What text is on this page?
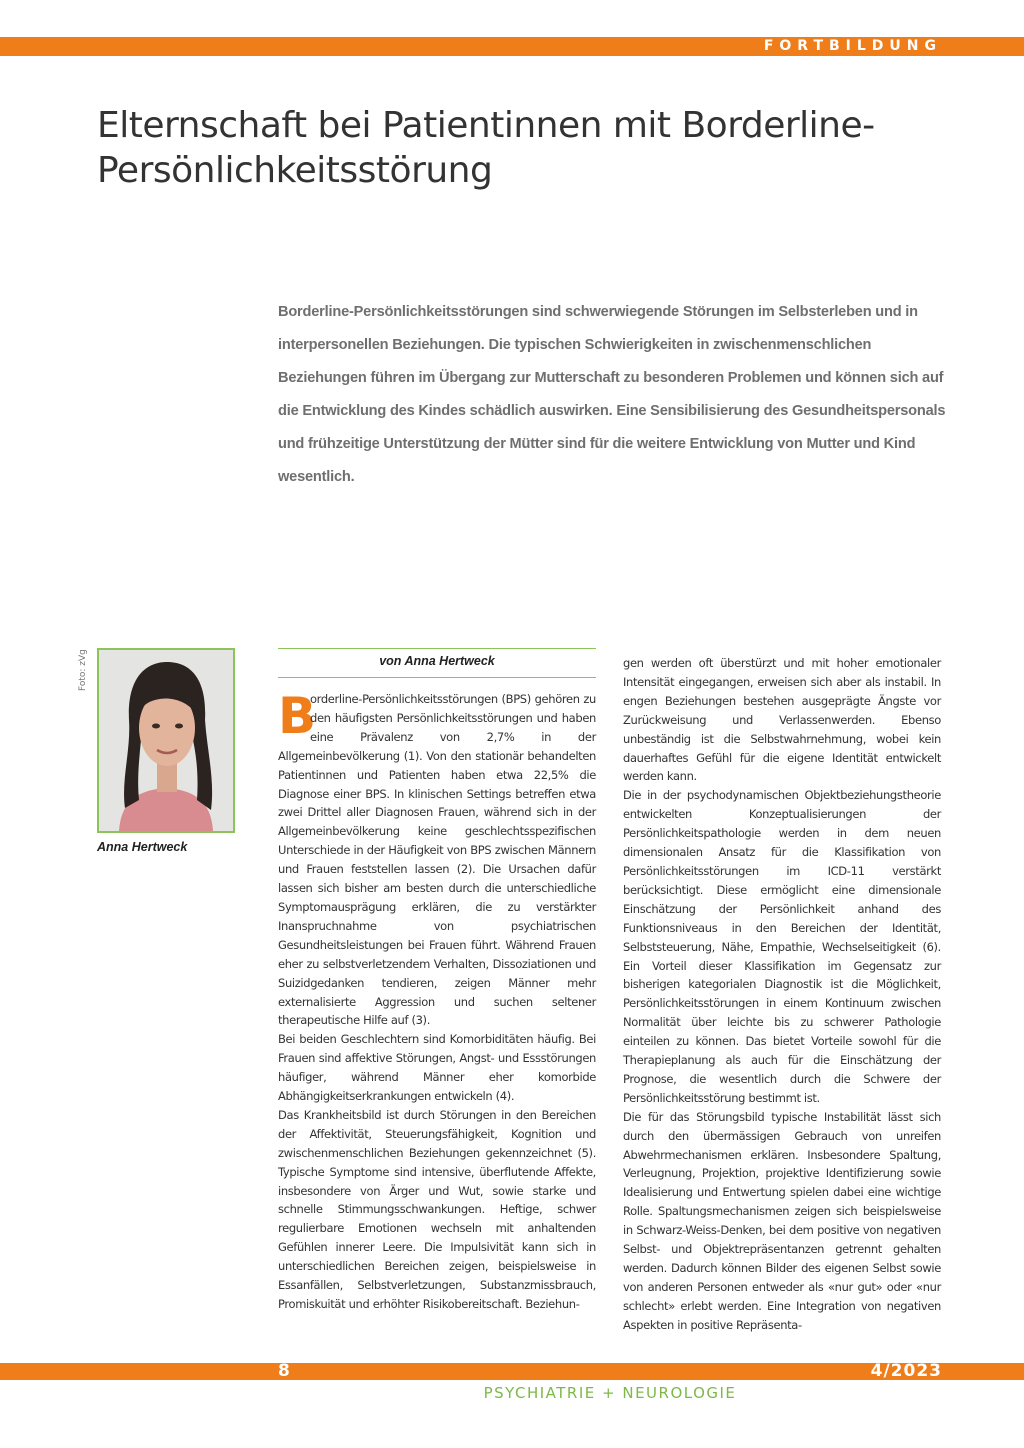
FORTBILDUNG
Elternschaft bei Patientinnen mit Borderline-Persönlichkeitsstörung

Borderline-Persönlichkeitsstörungen sind schwerwiegende Störungen im Selbsterleben und in interpersonellen Beziehungen. Die typischen Schwierigkeiten in zwischenmenschlichen Beziehungen führen im Übergang zur Mutterschaft zu besonderen Problemen und können sich auf die Entwicklung des Kindes schädlich auswirken. Eine Sensibilisierung des Gesundheitspersonals und frühzeitige Unterstützung der Mütter sind für die weitere Entwicklung von Mutter und Kind wesentlich.

Foto: zVg
Anna Hertweck
von Anna Hertweck

B
orderline-Persönlichkeitsstörungen (BPS) gehören zu den häufigsten Persönlichkeitsstörungen und haben eine Prävalenz von 2,7% in der Allgemeinbevölkerung (1). Von den stationär behandelten Patientinnen und Patienten haben etwa 22,5% die Diagnose einer BPS. In klinischen Settings betreffen etwa zwei Drittel aller Diagnosen Frauen, während sich in der Allgemeinbevölkerung keine geschlechtsspezifischen Unterschiede in der Häufigkeit von BPS zwischen Männern und Frauen feststellen lassen (2). Die Ursachen dafür lassen sich bisher am besten durch die unterschiedliche Symptomausprägung erklären, die zu verstärkter Inanspruchnahme von psychiatrischen Gesundheitsleistungen bei Frauen führt. Während Frauen eher zu selbstverletzendem Verhalten, Dissoziationen und Suizidgedanken tendieren, zeigen Männer mehr externalisierte Aggression und suchen seltener therapeutische Hilfe auf (3).

Bei beiden Geschlechtern sind Komorbiditäten häufig. Bei Frauen sind affektive Störungen, Angst- und Essstörungen häufiger, während Männer eher komorbide Abhängigkeitserkrankungen entwickeln (4).

Das Krankheitsbild ist durch Störungen in den Bereichen der Affektivität, Steuerungsfähigkeit, Kognition und zwischenmenschlichen Beziehungen gekennzeichnet (5). Typische Symptome sind intensive, überflutende Affekte, insbesondere von Ärger und Wut, sowie starke und schnelle Stimmungsschwankungen. Heftige, schwer regulierbare Emotionen wechseln mit anhaltenden Gefühlen innerer Leere. Die Impulsivität kann sich in unterschiedlichen Bereichen zeigen, beispielsweise in Essanfällen, Selbstverletzungen, Substanzmissbrauch, Promiskuität und erhöhter Risikobereitschaft. Beziehun-

gen werden oft überstürzt und mit hoher emotionaler Intensität eingegangen, erweisen sich aber als instabil. In engen Beziehungen bestehen ausgeprägte Ängste vor Zurückweisung und Verlassenwerden. Ebenso unbeständig ist die Selbstwahrnehmung, wobei kein dauerhaftes Gefühl für die eigene Identität entwickelt werden kann.

Die in der psychodynamischen Objektbeziehungstheorie entwickelten Konzeptualisierungen der Persönlichkeitspathologie werden in dem neuen dimensionalen Ansatz für die Klassifikation von Persönlichkeitsstörungen im ICD-11 verstärkt berücksichtigt. Diese ermöglicht eine dimensionale Einschätzung der Persönlichkeit anhand des Funktionsniveaus in den Bereichen der Identität, Selbststeuerung, Nähe, Empathie, Wechselseitigkeit (6). Ein Vorteil dieser Klassifikation im Gegensatz zur bisherigen kategorialen Diagnostik ist die Möglichkeit, Persönlichkeitsstörungen in einem Kontinuum zwischen Normalität über leichte bis zu schwerer Pathologie einteilen zu können. Das bietet Vorteile sowohl für die Therapieplanung als auch für die Einschätzung der Prognose, die wesentlich durch die Schwere der Persönlichkeitsstörung bestimmt ist.

Die für das Störungsbild typische Instabilität lässt sich durch den übermässigen Gebrauch von unreifen Abwehrmechanismen erklären. Insbesondere Spaltung, Verleugnung, Projektion, projektive Identifizierung sowie Idealisierung und Entwertung spielen dabei eine wichtige Rolle. Spaltungsmechanismen zeigen sich beispielsweise in Schwarz-Weiss-Denken, bei dem positive von negativen Selbst- und Objektrepräsentanzen getrennt gehalten werden. Dadurch können Bilder des eigenen Selbst sowie von anderen Personen entweder als «nur gut» oder «nur schlecht» erlebt werden. Eine Integration von negativen Aspekten in positive Repräsenta-

8	4/2023
PSYCHIATRIE + NEUROLOGIE
